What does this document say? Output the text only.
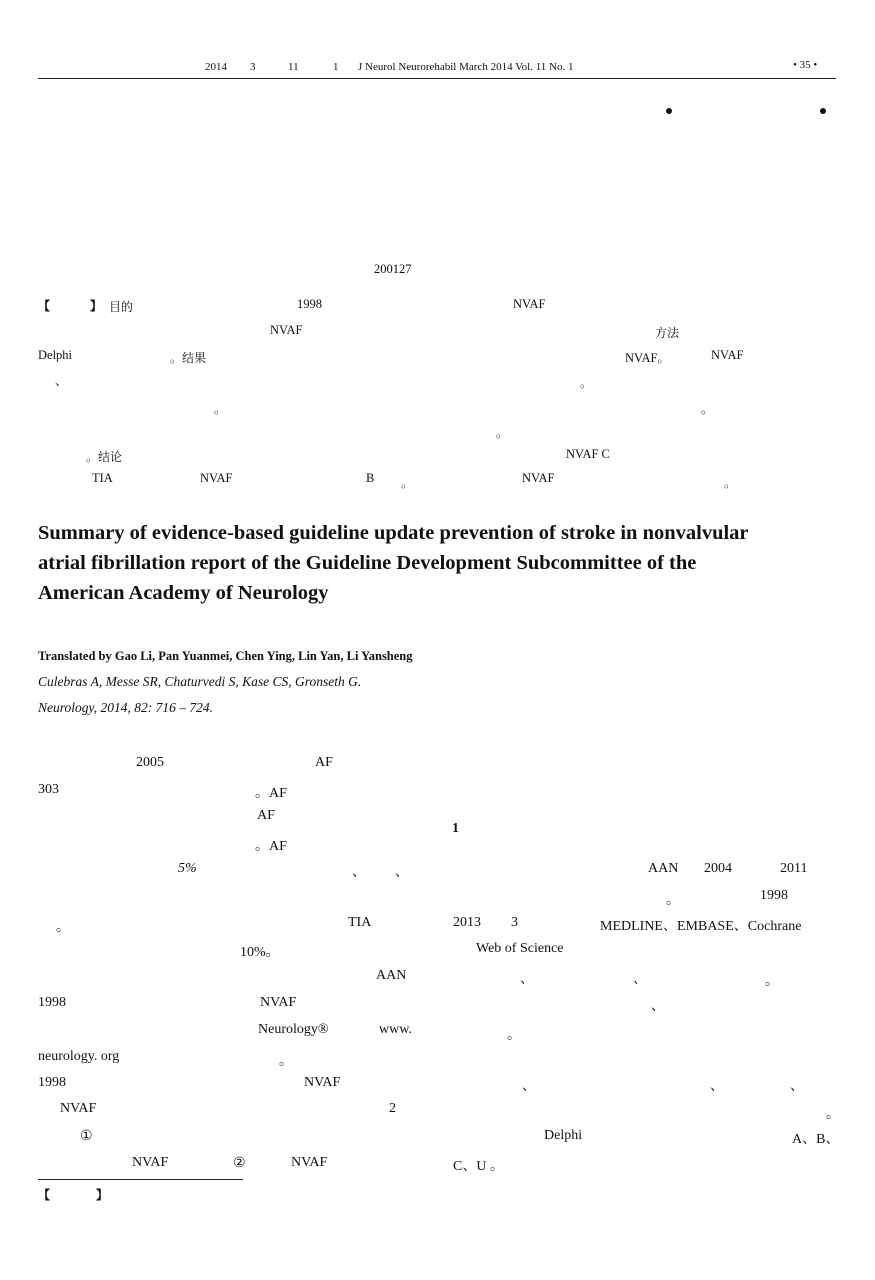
2014 3	11	1 J Neurol Neurorehabil March 2014 Vol. 11 No. 1	• 35 •
200127
【	】 目的	1998	NVAF
NVAF	方法
Delphi	。结果	NVAF。	NVAF
、	。
。	。
。
。结论	NVAF C
TIA	NVAF	B 。	NVAF	。
Summary of evidence-based guideline update prevention of stroke in nonvalvular
atrial fibrillation report of the Guideline Development Subcommittee of the
American Academy of Neurology
Translated by Gao Li, Pan Yuanmei, Chen Ying, Lin Yan, Li Yansheng
Culebras A, Messe SR, Chaturvedi S, Kase CS, Gronseth G.
Neurology, 2014, 82: 716 – 724.
2005	AF
303	。AF
AF
。AF
5%	、 、
。	TIA
10%。
AAN
1998	NVAF
Neurology®	www.
neurology. org	。
1998	NVAF
NVAF
①
NVAF	②	NVAF
1
AAN 2004	2011
。	1998
2013 3	MEDLINE、EMBASE、Cochrane
Web of Science
、	、	。
、
。
、	、	、
2	。
Delphi	A、B、
C、U 。
【	】
